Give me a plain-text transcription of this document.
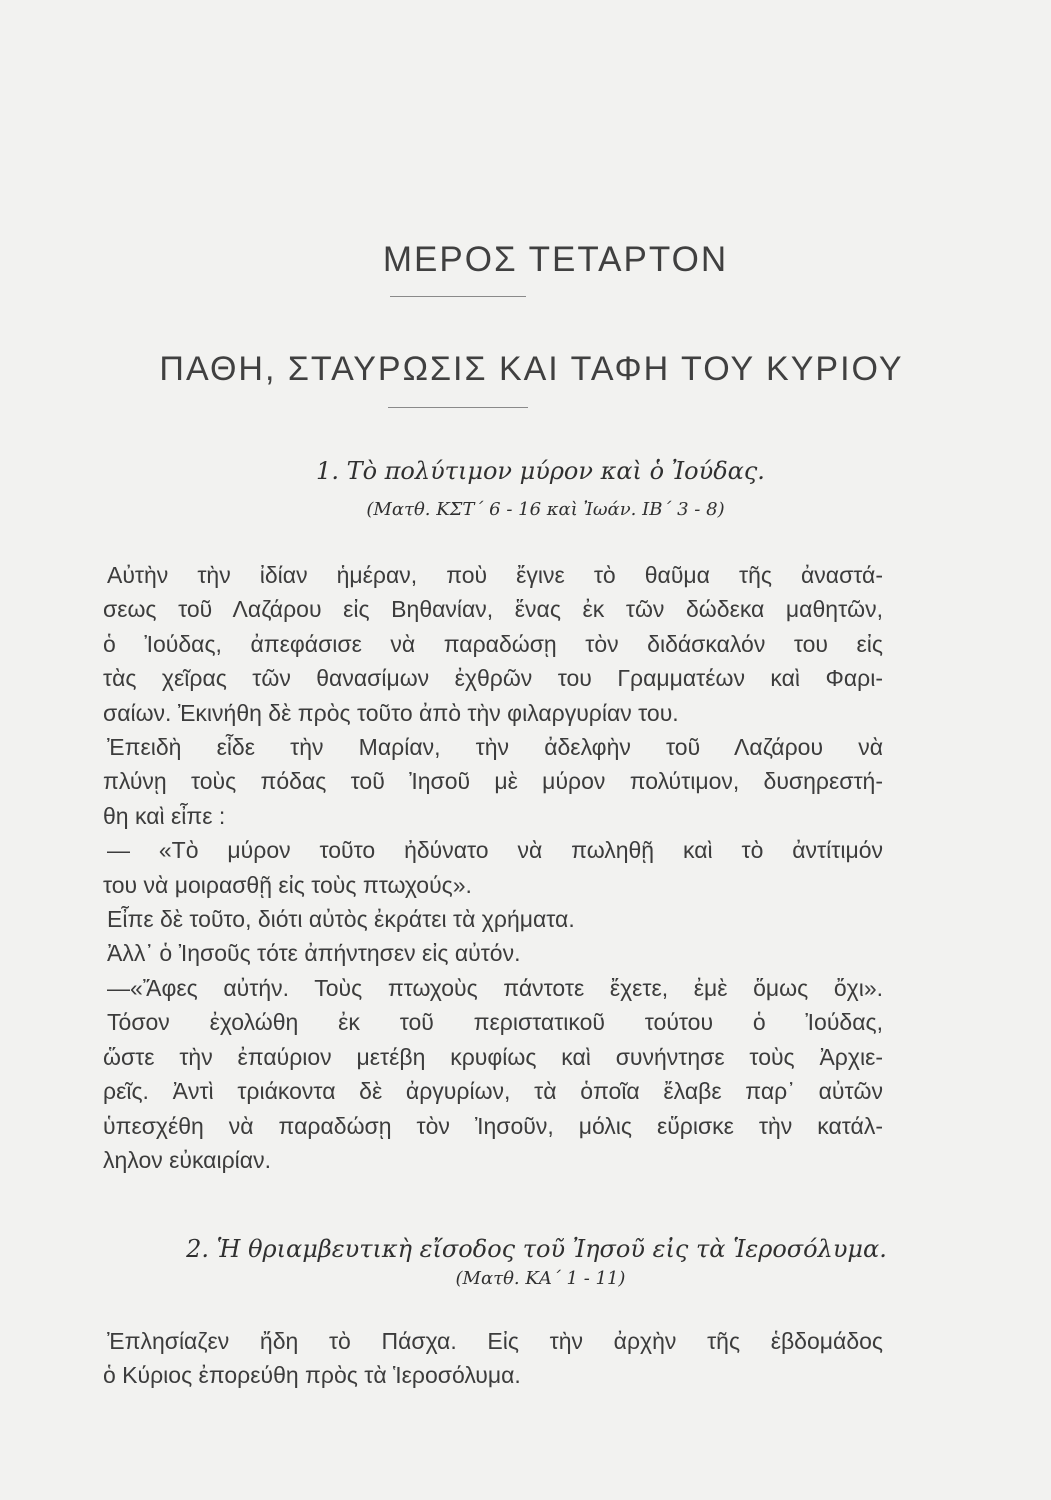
ΜΕΡΟΣ ΤΕΤΑΡΤΟΝ
ΠΑΘΗ, ΣΤΑΥΡΩΣΙΣ ΚΑΙ ΤΑΦΗ ΤΟΥ ΚΥΡΙΟΥ
1. Τὸ πολύτιμον μύρον καὶ ὁ Ἰούδας.
(Ματθ. ΚΣΤ΄ 6 - 16 καὶ Ἰωάν. ΙΒ΄ 3 - 8)
Αὐτὴν τὴν ἰδίαν ἡμέραν, ποὺ ἔγινε τὸ θαῦμα τῆς ἀναστά-
σεως τοῦ Λαζάρου εἰς Βηθανίαν, ἕνας ἐκ τῶν δώδεκα μαθητῶν,
ὁ Ἰούδας, ἀπεφάσισε νὰ παραδώσῃ τὸν διδάσκαλόν του εἰς
τὰς χεῖρας τῶν θανασίμων ἐχθρῶν του Γραμματέων καὶ Φαρι-
σαίων. Ἐκινήθη δὲ πρὸς τοῦτο ἀπὸ τὴν φιλαργυρίαν του.
Ἐπειδὴ εἶδε τὴν Μαρίαν, τὴν ἀδελφὴν τοῦ Λαζάρου νὰ
πλύνῃ τοὺς πόδας τοῦ Ἰησοῦ μὲ μύρον πολύτιμον, δυσηρεστή-
θη καὶ εἶπε :
— «Τὸ μύρον τοῦτο ἠδύνατο νὰ πωληθῇ καὶ τὸ ἀντίτιμόν
του νὰ μοιρασθῇ εἰς τοὺς πτωχούς».
Εἶπε δὲ τοῦτο, διότι αὐτὸς ἐκράτει τὰ χρήματα.
Ἀλλ᾽ ὁ Ἰησοῦς τότε ἀπήντησεν εἰς αὐτόν.
—«Ἄφες αὐτήν. Τοὺς πτωχοὺς πάντοτε ἔχετε, ἐμὲ ὅμως ὄχι».
Τόσον ἐχολώθη ἐκ τοῦ περιστατικοῦ τούτου ὁ Ἰούδας,
ὥστε τὴν ἐπαύριον μετέβη κρυφίως καὶ συνήντησε τοὺς Ἀρχιε-
ρεῖς. Ἀντὶ τριάκοντα δὲ ἀργυρίων, τὰ ὁποῖα ἔλαβε παρ᾽ αὐτῶν
ὑπεσχέθη νὰ παραδώσῃ τὸν Ἰησοῦν, μόλις εὕρισκε τὴν κατάλ-
ληλον εὐκαιρίαν.
2. Ἡ θριαμβευτικὴ εἴσοδος τοῦ Ἰησοῦ εἰς τὰ Ἱεροσόλυμα.
(Ματθ. ΚΑ΄ 1 - 11)
Ἐπλησίαζεν ἤδη τὸ Πάσχα. Εἰς τὴν ἀρχὴν τῆς ἑβδομάδος
ὁ Κύριος ἐπορεύθη πρὸς τὰ Ἱεροσόλυμα.
